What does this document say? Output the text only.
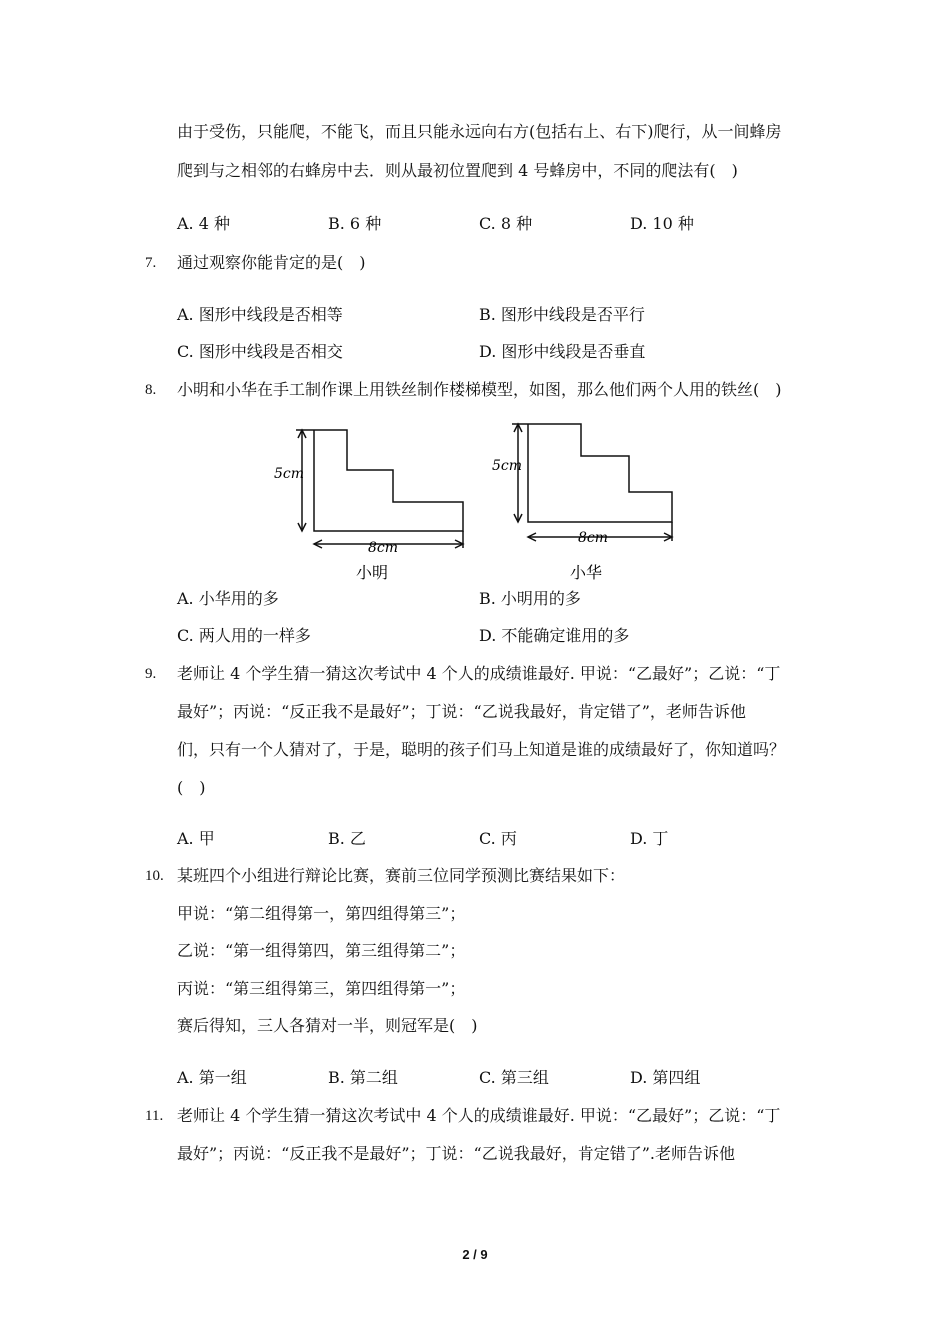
由于受伤，只能爬，不能飞，而且只能永远向右方(包括右上、右下)爬行，从一间蜂房
爬到与之相邻的右蜂房中去．则从最初位置爬到 4 号蜂房中，不同的爬法有(　)
A. 4 种	B. 6 种	C. 8 种	D. 10 种
7. 通过观察你能肯定的是(　)
A. 图形中线段是否相等	B. 图形中线段是否平行
C. 图形中线段是否相交	D. 图形中线段是否垂直
8. 小明和小华在手工制作课上用铁丝制作楼梯模型，如图，那么他们两个人用的铁丝(　)
5cm
8cm
小明
5cm
8cm
小华
A. 小华用的多	B. 小明用的多
C. 两人用的一样多	D. 不能确定谁用的多
9. 老师让 4 个学生猜一猜这次考试中 4 个人的成绩谁最好. 甲说：“乙最好”；乙说：“丁
最好”；丙说：“反正我不是最好”；丁说：“乙说我最好，肯定错了”，老师告诉他
们，只有一个人猜对了，于是，聪明的孩子们马上知道是谁的成绩最好了，你知道吗？
(　)
A. 甲	B. 乙	C. 丙	D. 丁
10. 某班四个小组进行辩论比赛，赛前三位同学预测比赛结果如下：
甲说：“第二组得第一，第四组得第三”；
乙说：“第一组得第四，第三组得第二”；
丙说：“第三组得第三，第四组得第一”；
赛后得知，三人各猜对一半，则冠军是(　)
A. 第一组	B. 第二组	C. 第三组	D. 第四组
11. 老师让 4 个学生猜一猜这次考试中 4 个人的成绩谁最好. 甲说：“乙最好”；乙说：“丁
最好”；丙说：“反正我不是最好”；丁说：“乙说我最好，肯定错了”.老师告诉他
2 / 9
